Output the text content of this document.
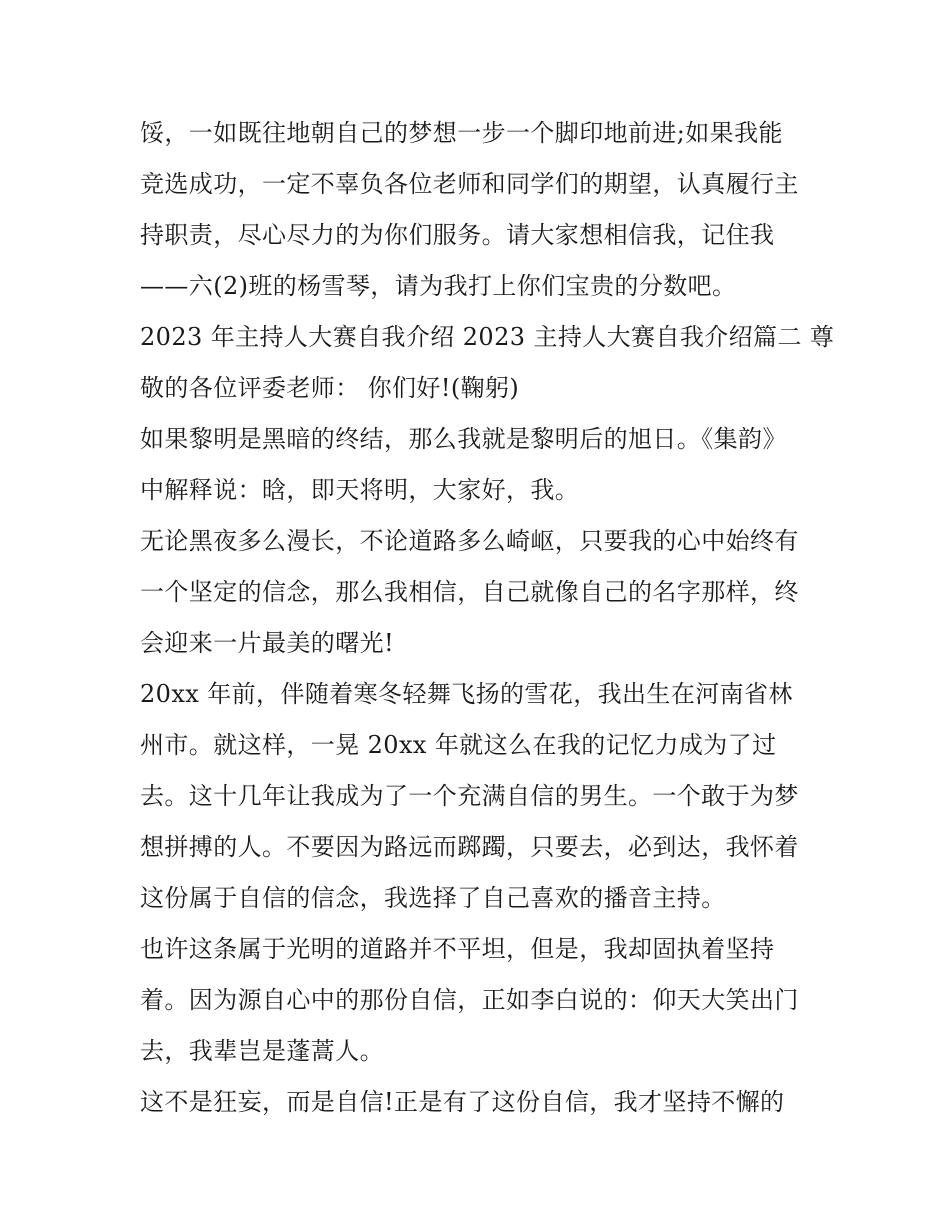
馁，一如既往地朝自己的梦想一步一个脚印地前进;如果我能
竞选成功，一定不辜负各位老师和同学们的期望，认真履行主
持职责，尽心尽力的为你们服务。请大家想相信我，记住我
——六(2)班的杨雪琴，请为我打上你们宝贵的分数吧。
2023 年主持人大赛自我介绍 2023 主持人大赛自我介绍篇二 尊
敬的各位评委老师： 你们好!(鞠躬)
如果黎明是黑暗的终结，那么我就是黎明后的旭日。《集韵》
中解释说：晗，即天将明，大家好，我。
无论黑夜多么漫长，不论道路多么崎岖，只要我的心中始终有
一个坚定的信念，那么我相信，自己就像自己的名字那样，终
会迎来一片最美的曙光!
20xx 年前，伴随着寒冬轻舞飞扬的雪花，我出生在河南省林
州市。就这样，一晃 20xx 年就这么在我的记忆力成为了过
去。这十几年让我成为了一个充满自信的男生。一个敢于为梦
想拼搏的人。不要因为路远而踯躅，只要去，必到达，我怀着
这份属于自信的信念，我选择了自己喜欢的播音主持。
也许这条属于光明的道路并不平坦，但是，我却固执着坚持
着。因为源自心中的那份自信，正如李白说的：仰天大笑出门
去，我辈岂是蓬蒿人。
这不是狂妄，而是自信!正是有了这份自信，我才坚持不懈的
